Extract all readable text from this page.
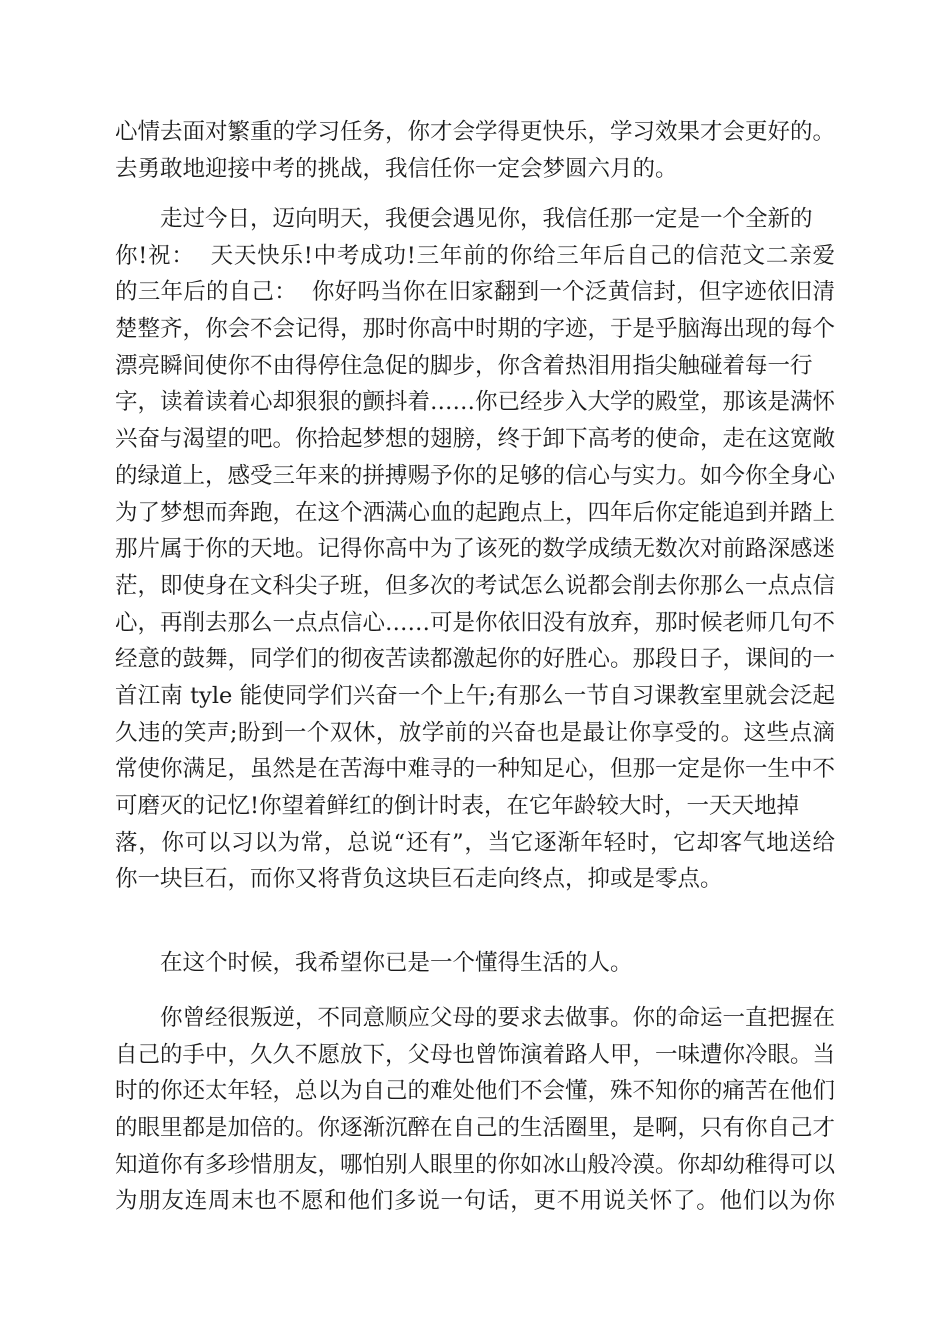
心情去面对繁重的学习任务，你才会学得更快乐，学习效果才会更好的。
去勇敢地迎接中考的挑战，我信任你一定会梦圆六月的。
走过今日，迈向明天，我便会遇见你，我信任那一定是一个全新的
你!祝：  天天快乐!中考成功!三年前的你给三年后自己的信范文二亲爱
的三年后的自己：  你好吗当你在旧家翻到一个泛黄信封，但字迹依旧清
楚整齐，你会不会记得，那时你高中时期的字迹，于是乎脑海出现的每个
漂亮瞬间使你不由得停住急促的脚步，你含着热泪用指尖触碰着每一行
字，读着读着心却狠狠的颤抖着……你已经步入大学的殿堂，那该是满怀
兴奋与渴望的吧。你拾起梦想的翅膀，终于卸下高考的使命，走在这宽敞
的绿道上，感受三年来的拼搏赐予你的足够的信心与实力。如今你全身心
为了梦想而奔跑，在这个洒满心血的起跑点上，四年后你定能追到并踏上
那片属于你的天地。记得你高中为了该死的数学成绩无数次对前路深感迷
茫，即使身在文科尖子班，但多次的考试怎么说都会削去你那么一点点信
心，再削去那么一点点信心……可是你依旧没有放弃，那时候老师几句不
经意的鼓舞，同学们的彻夜苦读都激起你的好胜心。那段日子，课间的一
首江南 tyle 能使同学们兴奋一个上午;有那么一节自习课教室里就会泛起
久违的笑声;盼到一个双休，放学前的兴奋也是最让你享受的。这些点滴
常使你满足，虽然是在苦海中难寻的一种知足心，但那一定是你一生中不
可磨灭的记忆!你望着鲜红的倒计时表，在它年龄较大时，一天天地掉
落，你可以习以为常，总说“还有”，当它逐渐年轻时，它却客气地送给
你一块巨石，而你又将背负这块巨石走向终点，抑或是零点。
在这个时候，我希望你已是一个懂得生活的人。
你曾经很叛逆，不同意顺应父母的要求去做事。你的命运一直把握在
自己的手中，久久不愿放下，父母也曾饰演着路人甲，一味遭你冷眼。当
时的你还太年轻，总以为自己的难处他们不会懂，殊不知你的痛苦在他们
的眼里都是加倍的。你逐渐沉醉在自己的生活圈里，是啊，只有你自己才
知道你有多珍惜朋友，哪怕别人眼里的你如冰山般冷漠。你却幼稚得可以
为朋友连周末也不愿和他们多说一句话，更不用说关怀了。他们以为你
